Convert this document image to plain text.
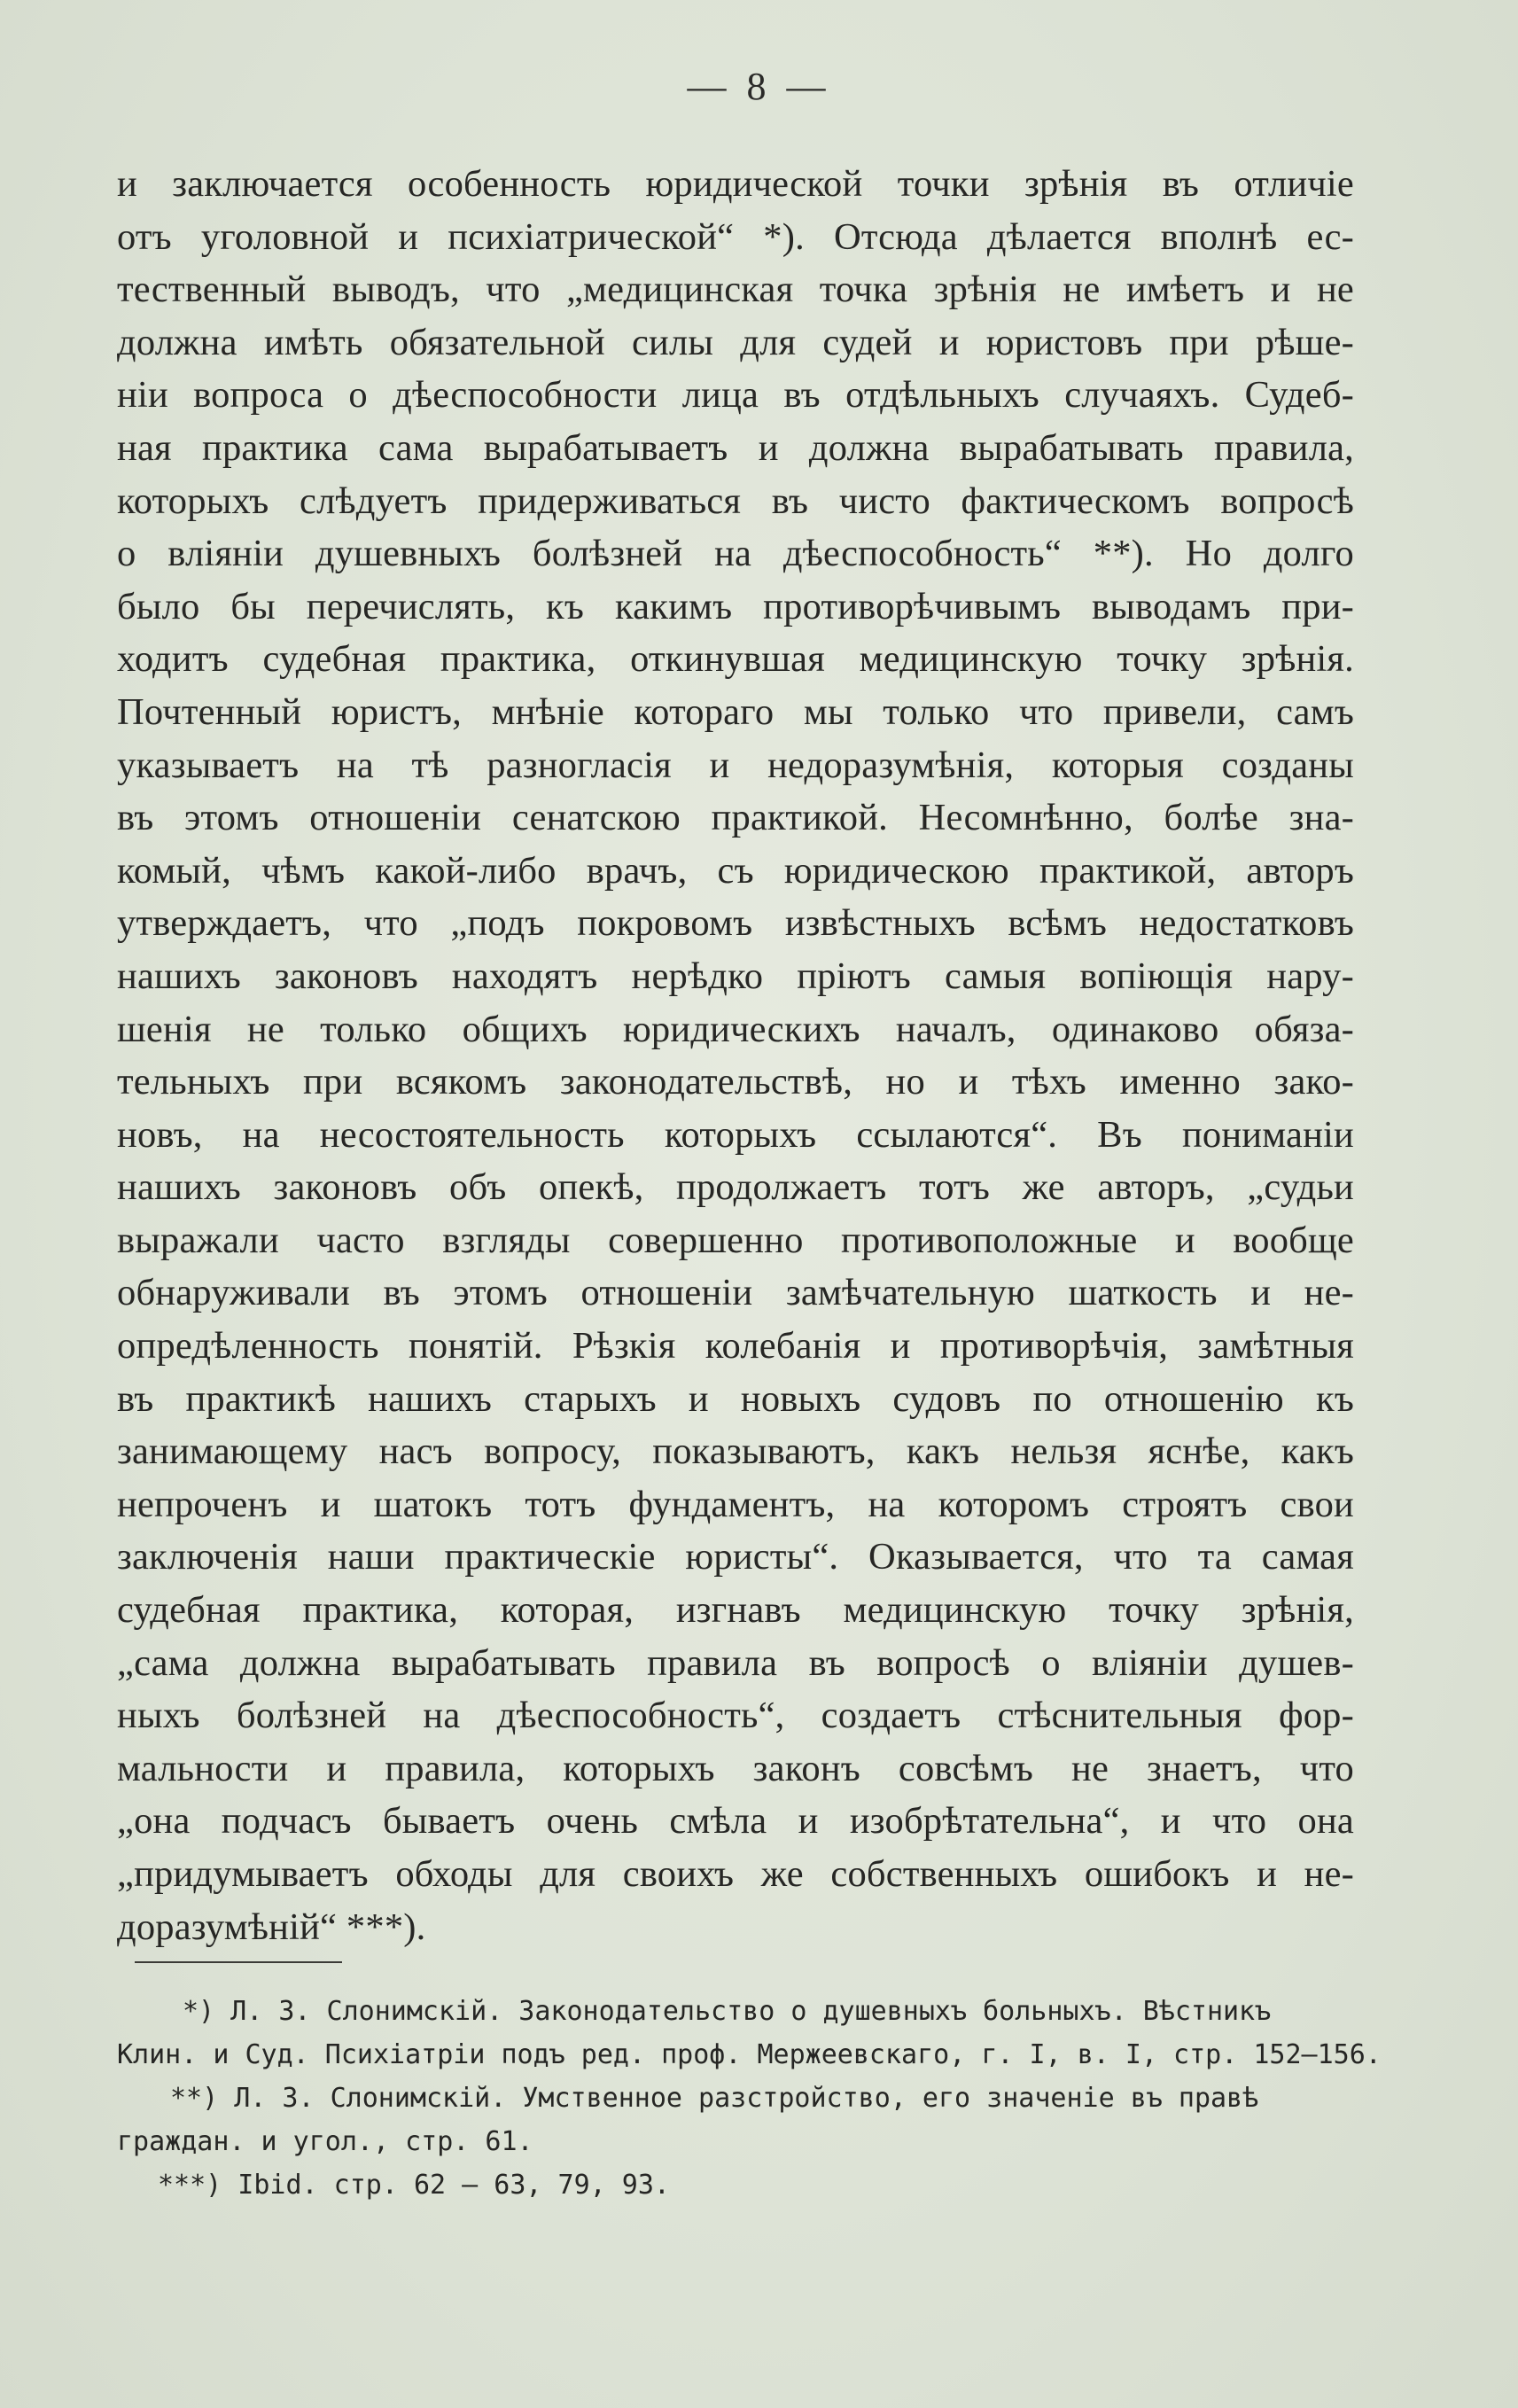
— 8 —
и заключается особенность юридической точки зрѣнія въ отличіе
отъ уголовной и психіатрической“ *). Отсюда дѣлается вполнѣ ес-
тественный выводъ, что „медицинская точка зрѣнія не имѣетъ и не
должна имѣть обязательной силы для судей и юристовъ при рѣше-
ніи вопроса о дѣеспособности лица въ отдѣльныхъ случаяхъ. Судеб-
ная практика сама вырабатываетъ и должна вырабатывать правила,
которыхъ слѣдуетъ придерживаться въ чисто фактическомъ вопросѣ
о вліяніи душевныхъ болѣзней на дѣеспособность“ **). Но долго
было бы перечислять, къ какимъ противорѣчивымъ выводамъ при-
ходитъ судебная практика, откинувшая медицинскую точку зрѣнія.
Почтенный юристъ, мнѣніе котораго мы только что привели, самъ
указываетъ на тѣ разногласія и недоразумѣнія, которыя созданы
въ этомъ отношеніи сенатскою практикой. Несомнѣнно, болѣе зна-
комый, чѣмъ какой-либо врачъ, съ юридическою практикой, авторъ
утверждаетъ, что „подъ покровомъ извѣстныхъ всѣмъ недостатковъ
нашихъ законовъ находятъ нерѣдко пріютъ самыя вопіющія нару-
шенія не только общихъ юридическихъ началъ, одинаково обяза-
тельныхъ при всякомъ законодательствѣ, но и тѣхъ именно зако-
новъ, на несостоятельность которыхъ ссылаются“. Въ пониманіи
нашихъ законовъ объ опекѣ, продолжаетъ тотъ же авторъ, „судьи
выражали часто взгляды совершенно противоположные и вообще
обнаруживали въ этомъ отношеніи замѣчательную шаткость и не-
опредѣленность понятій. Рѣзкія колебанія и противорѣчія, замѣтныя
въ практикѣ нашихъ старыхъ и новыхъ судовъ по отношенію къ
занимающему насъ вопросу, показываютъ, какъ нельзя яснѣе, какъ
непроченъ и шатокъ тотъ фундаментъ, на которомъ строятъ свои
заключенія наши практическіе юристы“. Оказывается, что та самая
судебная практика, которая, изгнавъ медицинскую точку зрѣнія,
„сама должна вырабатывать правила въ вопросѣ о вліяніи душев-
ныхъ болѣзней на дѣеспособность“, создаетъ стѣснительныя фор-
мальности и правила, которыхъ законъ совсѣмъ не знаетъ, что
„она подчасъ бываетъ очень смѣла и изобрѣтательна“, и что она
„придумываетъ обходы для своихъ же собственныхъ ошибокъ и не-
доразумѣній“ ***).
*) Л. З. Слонимскій. Законодательство о душевныхъ больныхъ. Вѣстникъ
Клин. и Суд. Психіатріи подъ ред. проф. Мержеевскаго, г. I, в. I, стр. 152—156.
**) Л. З. Слонимскій. Умственное разстройство, его значеніе въ правѣ
граждан. и угол., стр. 61.
***) Ibid. стр. 62 — 63, 79, 93.
